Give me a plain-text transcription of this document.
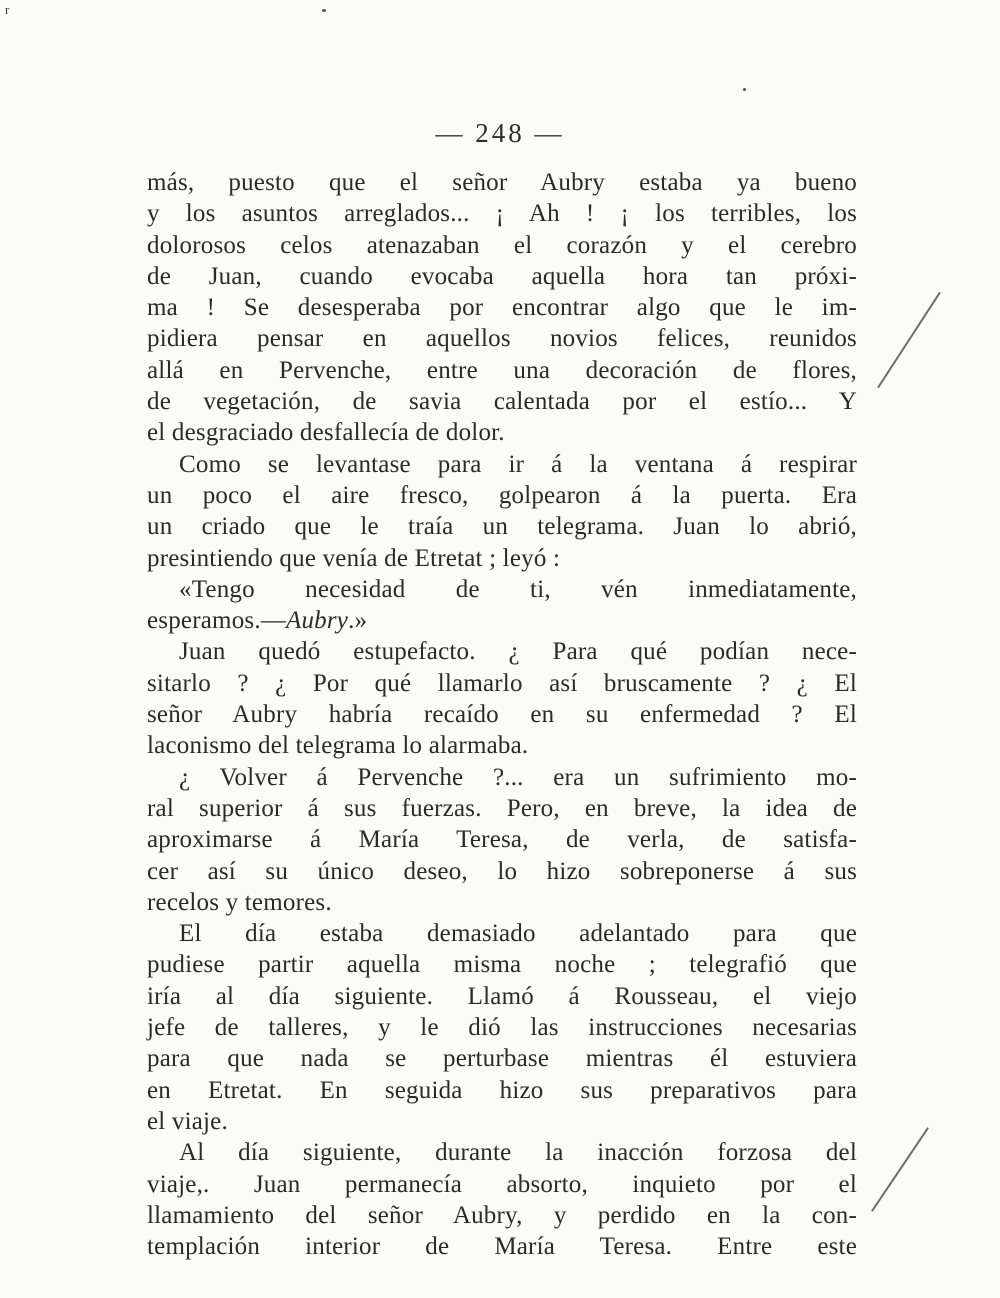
r
— 248 —
más, puesto que el señor Aubry estaba ya bueno
y los asuntos arreglados... ¡ Ah ! ¡ los terribles, los
dolorosos celos atenazaban el corazón y el cerebro
de Juan, cuando evocaba aquella hora tan próxi-
ma ! Se desesperaba por encontrar algo que le im-
pidiera pensar en aquellos novios felices, reunidos
allá en Pervenche, entre una decoración de flores,
de vegetación, de savia calentada por el estío... Y
el desgraciado desfallecía de dolor.
Como se levantase para ir á la ventana á respirar
un poco el aire fresco, golpearon á la puerta. Era
un criado que le traía un telegrama. Juan lo abrió,
presintiendo que venía de Etretat ; leyó :
«Tengo necesidad de ti, vén inmediatamente,
esperamos.—Aubry.»
Juan quedó estupefacto. ¿ Para qué podían nece-
sitarlo ? ¿ Por qué llamarlo así bruscamente ? ¿ El
señor Aubry habría recaído en su enfermedad ? El
laconismo del telegrama lo alarmaba.
¿ Volver á Pervenche ?... era un sufrimiento mo-
ral superior á sus fuerzas. Pero, en breve, la idea de
aproximarse á María Teresa, de verla, de satisfa-
cer así su único deseo, lo hizo sobreponerse á sus
recelos y temores.
El día estaba demasiado adelantado para que
pudiese partir aquella misma noche ; telegrafió que
iría al día siguiente. Llamó á Rousseau, el viejo
jefe de talleres, y le dió las instrucciones necesarias
para que nada se perturbase mientras él estuviera
en Etretat. En seguida hizo sus preparativos para
el viaje.
Al día siguiente, durante la inacción forzosa del
viaje,. Juan permanecía absorto, inquieto por el
llamamiento del señor Aubry, y perdido en la con-
templación interior de María Teresa. Entre este
